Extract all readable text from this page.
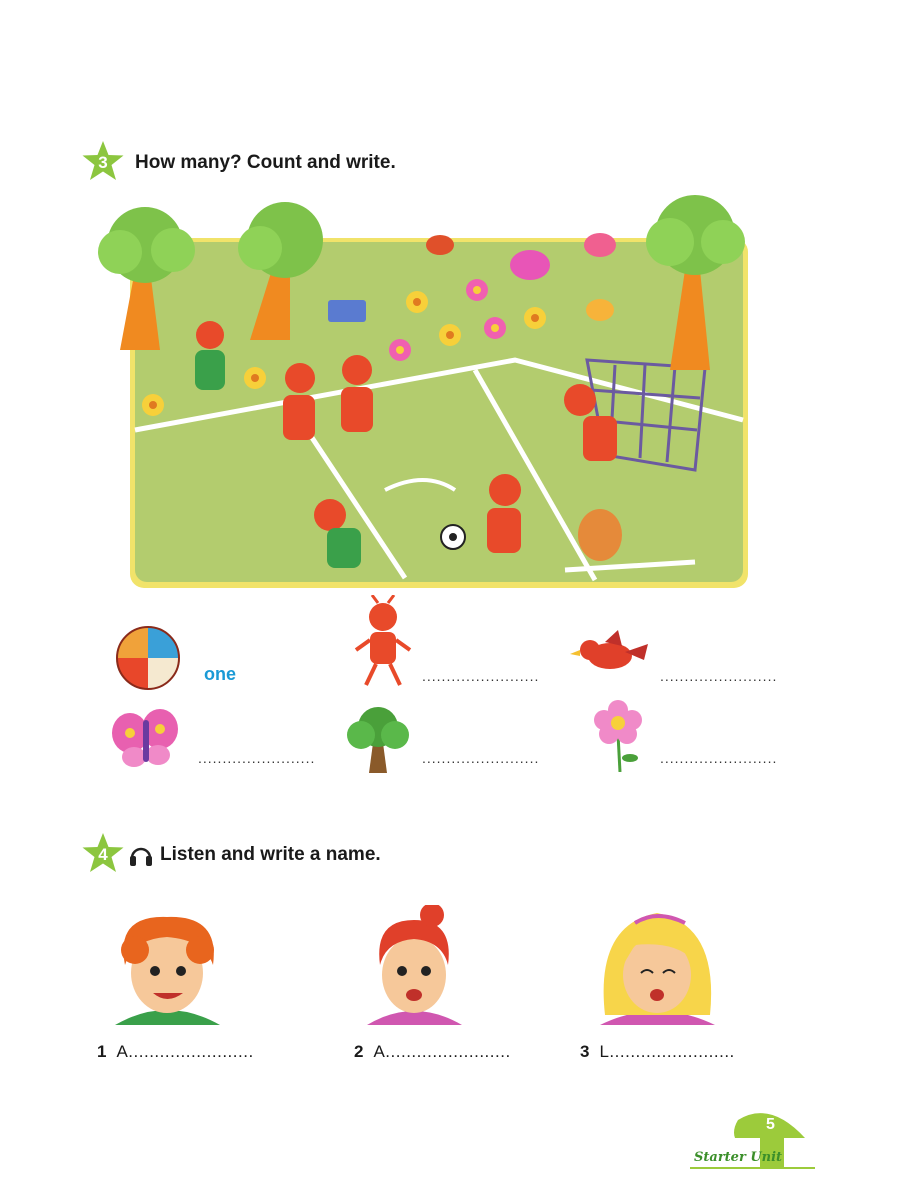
3	How many? Count and write.
one	........................	........................
........................	........................	........................
4	Listen and write a name.
1 A........................	2 A........................	3 L........................
5
Starter Unit
